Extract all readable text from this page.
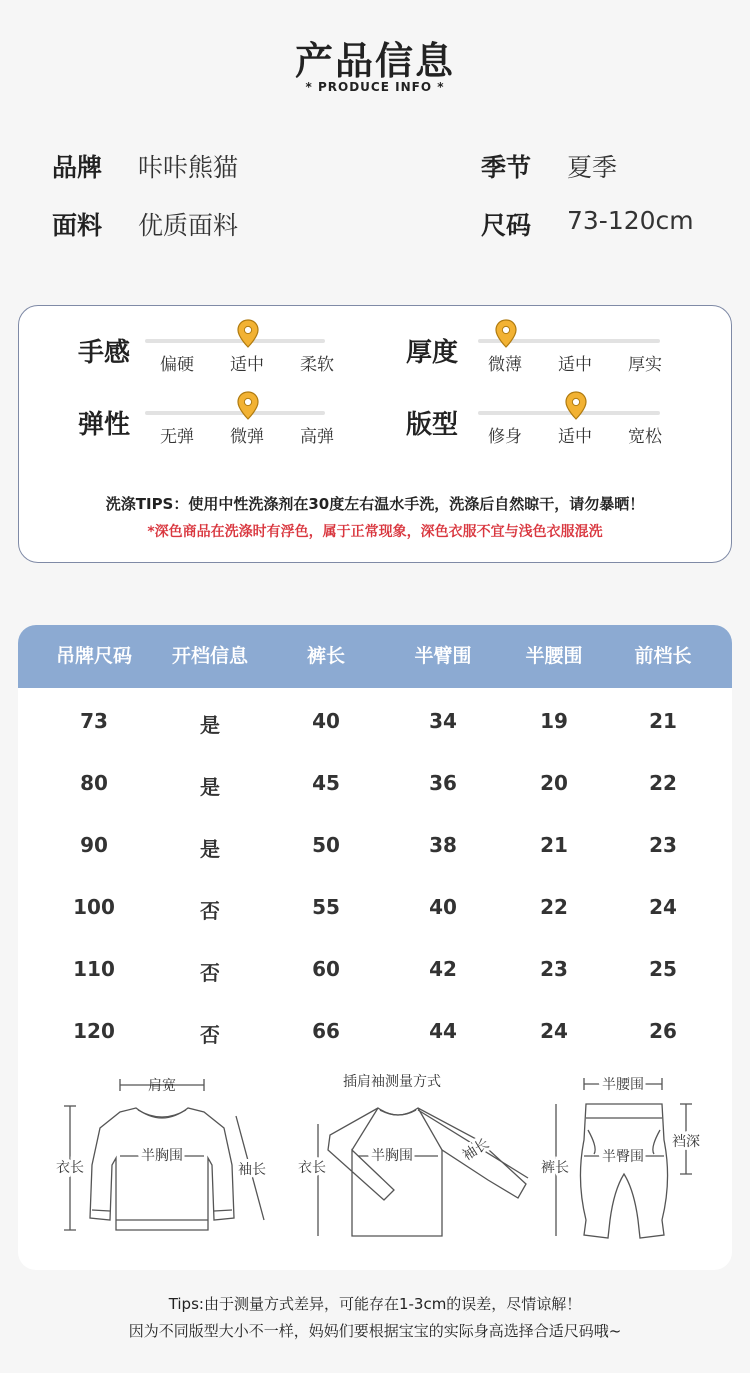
产品信息
* PRODUCE INFO *
品牌 咔咔熊猫	季节 夏季
面料 优质面料	尺码 73-120cm
手感 偏硬 适中 柔软	厚度 微薄 适中 厚实
弹性 无弹 微弹 高弹	版型 修身 适中 宽松
洗涤TIPS：使用中性洗涤剂在30度左右温水手洗，洗涤后自然晾干，请勿暴晒！
*深色商品在洗涤时有浮色，属于正常现象，深色衣服不宜与浅色衣服混洗
吊牌尺码	开档信息	裤长	半臂围	半腰围	前档长
73	是	40	34	19	21
80	是	45	36	20	22
90	是	50	38	21	23
100	否	55	40	22	24
110	否	60	42	23	25
120	否	66	44	24	26
肩宽
半胸围
衣长	袖长
插肩袖测量方式
半胸围
衣长
袖长
半腰围
裤长
半臀围
裆深
Tips:由于测量方式差异，可能存在1-3cm的误差，尽情谅解！
因为不同版型大小不一样，妈妈们要根据宝宝的实际身高选择合适尺码哦~
